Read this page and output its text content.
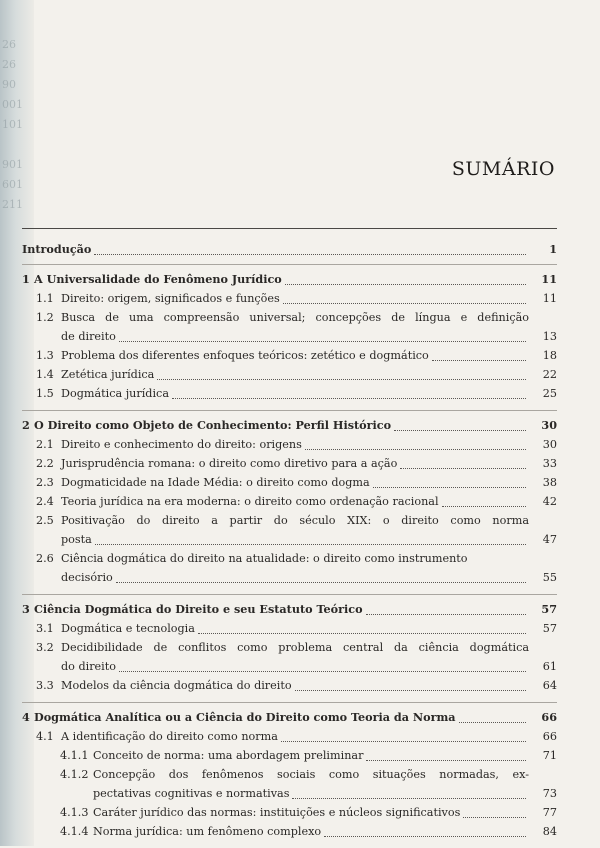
26
26
90
001
101
901
601
211
SUMÁRIO
Introdução	1
1 A Universalidade do Fenômeno Jurídico	11
1.1 Direito: origem, significados e funções	11
1.2 Busca de uma compreensão universal; concepções de língua e definição
de direito	13
1.3 Problema dos diferentes enfoques teóricos: zetético e dogmático	18
1.4 Zetética jurídica	22
1.5 Dogmática jurídica	25
2 O Direito como Objeto de Conhecimento: Perfil Histórico	30
2.1 Direito e conhecimento do direito: origens	30
2.2 Jurisprudência romana: o direito como diretivo para a ação	33
2.3 Dogmaticidade na Idade Média: o direito como dogma	38
2.4 Teoria jurídica na era moderna: o direito como ordenação racional	42
2.5 Positivação do direito a partir do século XIX: o direito como norma
posta	47
2.6 Ciência dogmática do direito na atualidade: o direito como instrumento
decisório	55
3 Ciência Dogmática do Direito e seu Estatuto Teórico	57
3.1 Dogmática e tecnologia	57
3.2 Decidibilidade de conflitos como problema central da ciência dogmática
do direito	61
3.3 Modelos da ciência dogmática do direito	64
4 Dogmática Analítica ou a Ciência do Direito como Teoria da Norma	66
4.1 A identificação do direito como norma	66
4.1.1 Conceito de norma: uma abordagem preliminar	71
4.1.2 Concepção dos fenômenos sociais como situações normadas, ex-
pectativas cognitivas e normativas	73
4.1.3 Caráter jurídico das normas: instituições e núcleos significativos	77
4.1.4 Norma jurídica: um fenômeno complexo	84
